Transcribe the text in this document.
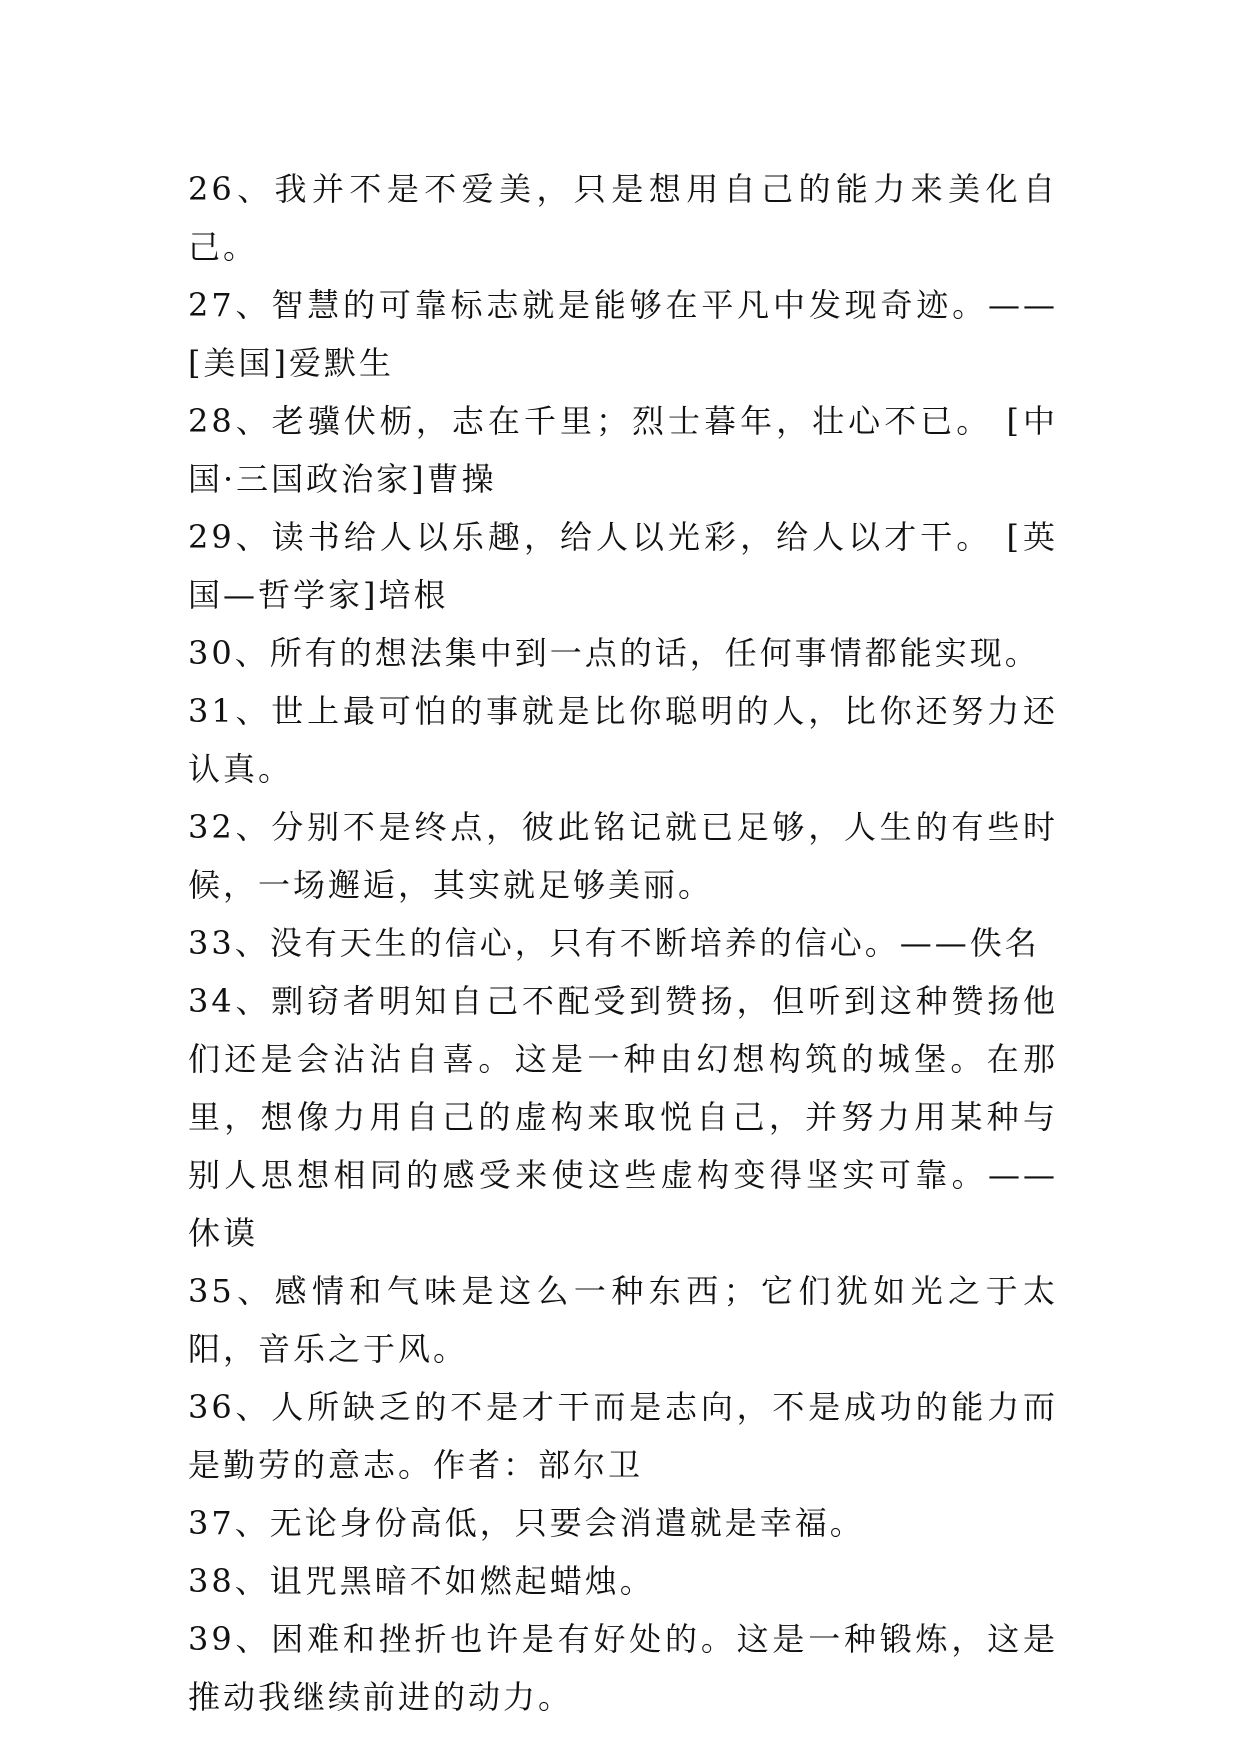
26、我并不是不爱美，只是想用自己的能力来美化自己。

27、智慧的可靠标志就是能够在平凡中发现奇迹。——[美国]爱默生

28、老骥伏枥，志在千里；烈士暮年，壮心不已。 [中国·三国政治家]曹操

29、读书给人以乐趣，给人以光彩，给人以才干。 [英国—哲学家]培根

30、所有的想法集中到一点的话，任何事情都能实现。

31、世上最可怕的事就是比你聪明的人，比你还努力还认真。

32、分别不是终点，彼此铭记就已足够，人生的有些时候，一场邂逅，其实就足够美丽。

33、没有天生的信心，只有不断培养的信心。——佚名

34、剽窃者明知自己不配受到赞扬，但听到这种赞扬他们还是会沾沾自喜。这是一种由幻想构筑的城堡。在那里，想像力用自己的虚构来取悦自己，并努力用某种与别人思想相同的感受来使这些虚构变得坚实可靠。——休谟

35、感情和气味是这么一种东西；它们犹如光之于太阳，音乐之于风。

36、人所缺乏的不是才干而是志向，不是成功的能力而是勤劳的意志。作者：部尔卫

37、无论身份高低，只要会消遣就是幸福。

38、诅咒黑暗不如燃起蜡烛。

39、困难和挫折也许是有好处的。这是一种锻炼，这是推动我继续前进的动力。
